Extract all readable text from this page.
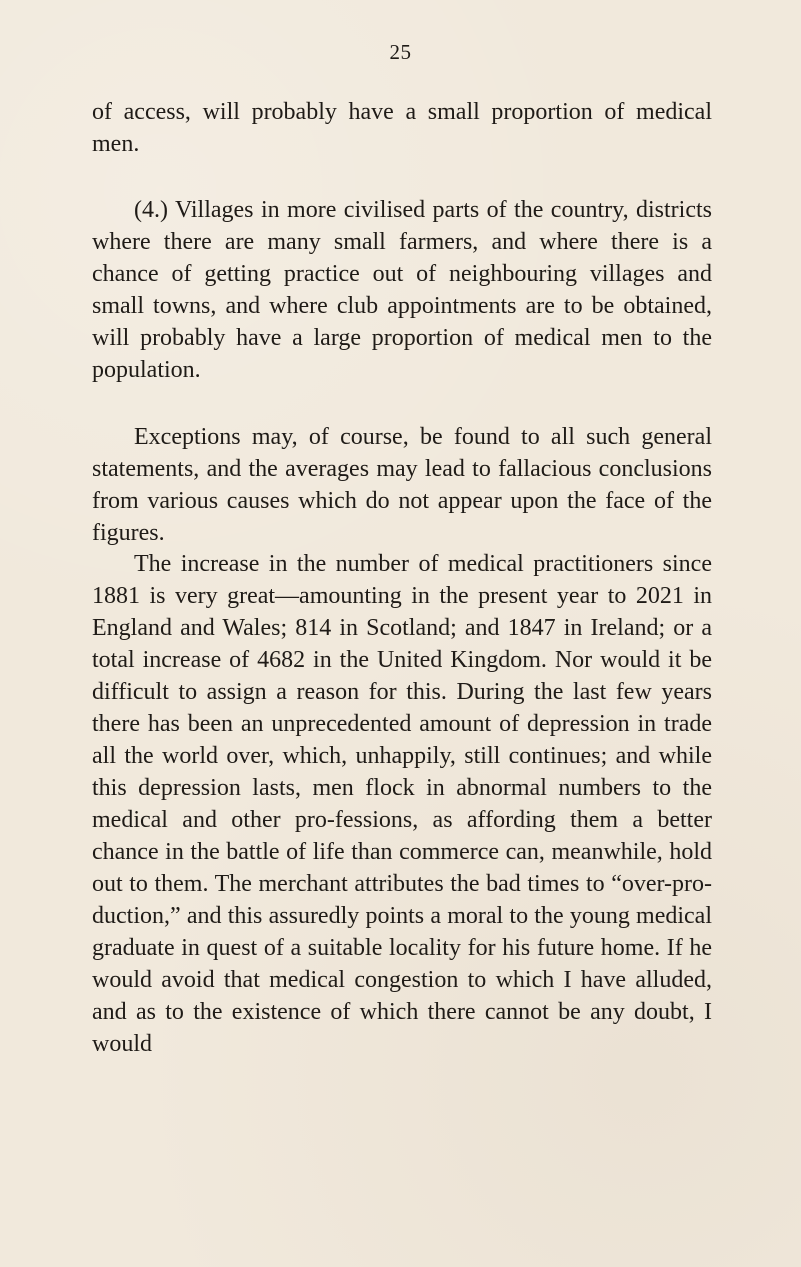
25
of access, will probably have a small proportion of medical men.
(4.) Villages in more civilised parts of the country, districts where there are many small farmers, and where there is a chance of getting practice out of neighbouring villages and small towns, and where club appointments are to be obtained, will probably have a large proportion of medical men to the population.
Exceptions may, of course, be found to all such general statements, and the averages may lead to fallacious conclusions from various causes which do not appear upon the face of the figures.
The increase in the number of medical practitioners since 1881 is very great—amounting in the present year to 2021 in England and Wales; 814 in Scotland; and 1847 in Ireland; or a total increase of 4682 in the United Kingdom. Nor would it be difficult to assign a reason for this. During the last few years there has been an unprecedented amount of depression in trade all the world over, which, unhappily, still continues; and while this depression lasts, men flock in abnormal numbers to the medical and other pro-fessions, as affording them a better chance in the battle of life than commerce can, meanwhile, hold out to them. The merchant attributes the bad times to “over-pro-duction,” and this assuredly points a moral to the young medical graduate in quest of a suitable locality for his future home. If he would avoid that medical congestion to which I have alluded, and as to the existence of which there cannot be any doubt, I would
